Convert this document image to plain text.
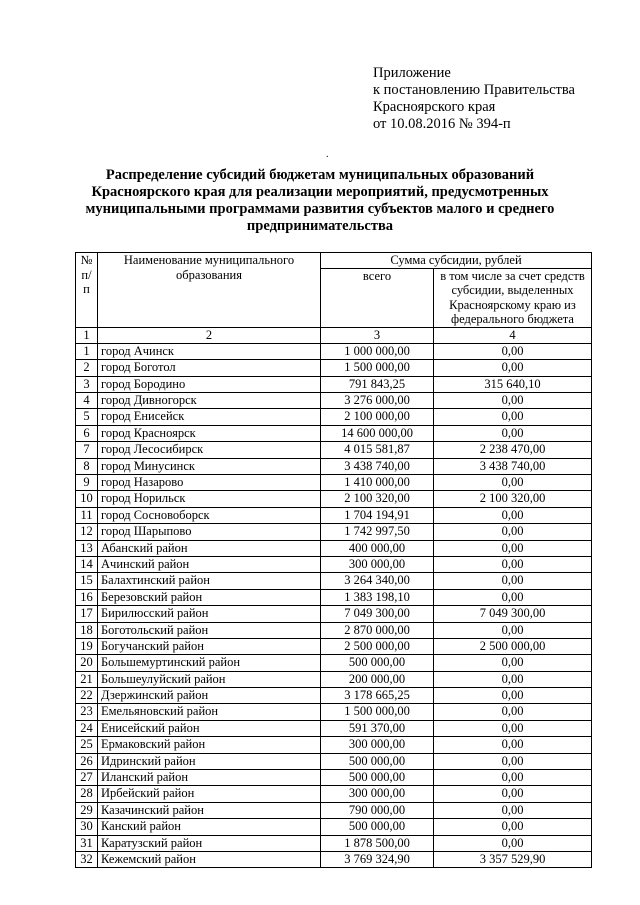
Приложение
к постановлению Правительства
Красноярского края
от 10.08.2016 № 394-п
.
Распределение субсидий бюджетам муниципальных образований
Красноярского края для реализации мероприятий, предусмотренных
муниципальными программами развития субъектов малого и среднего
предпринимательства
№ п/п	Наименование муниципального образования	Сумма субсидии, рублей	
		всего	в том числе за счет средств субсидии, выделенных Красноярскому краю из федерального бюджета
1	2	3	4
1	город Ачинск	1 000 000,00	0,00
2	город Боготол	1 500 000,00	0,00
3	город Бородино	791 843,25	315 640,10
4	город Дивногорск	3 276 000,00	0,00
5	город Енисейск	2 100 000,00	0,00
6	город Красноярск	14 600 000,00	0,00
7	город Лесосибирск	4 015 581,87	2 238 470,00
8	город Минусинск	3 438 740,00	3 438 740,00
9	город Назарово	1 410 000,00	0,00
10	город Норильск	2 100 320,00	2 100 320,00
11	город Сосновоборск	1 704 194,91	0,00
12	город Шарыпово	1 742 997,50	0,00
13	Абанский район	400 000,00	0,00
14	Ачинский район	300 000,00	0,00
15	Балахтинский район	3 264 340,00	0,00
16	Березовский район	1 383 198,10	0,00
17	Бирилюсский район	7 049 300,00	7 049 300,00
18	Боготольский район	2 870 000,00	0,00
19	Богучанский район	2 500 000,00	2 500 000,00
20	Большемуртинский район	500 000,00	0,00
21	Большеулуйский район	200 000,00	0,00
22	Дзержинский район	3 178 665,25	0,00
23	Емельяновский район	1 500 000,00	0,00
24	Енисейский район	591 370,00	0,00
25	Ермаковский район	300 000,00	0,00
26	Идринский район	500 000,00	0,00
27	Иланский район	500 000,00	0,00
28	Ирбейский район	300 000,00	0,00
29	Казачинский район	790 000,00	0,00
30	Канский район	500 000,00	0,00
31	Каратузский район	1 878 500,00	0,00
32	Кежемский район	3 769 324,90	3 357 529,90
